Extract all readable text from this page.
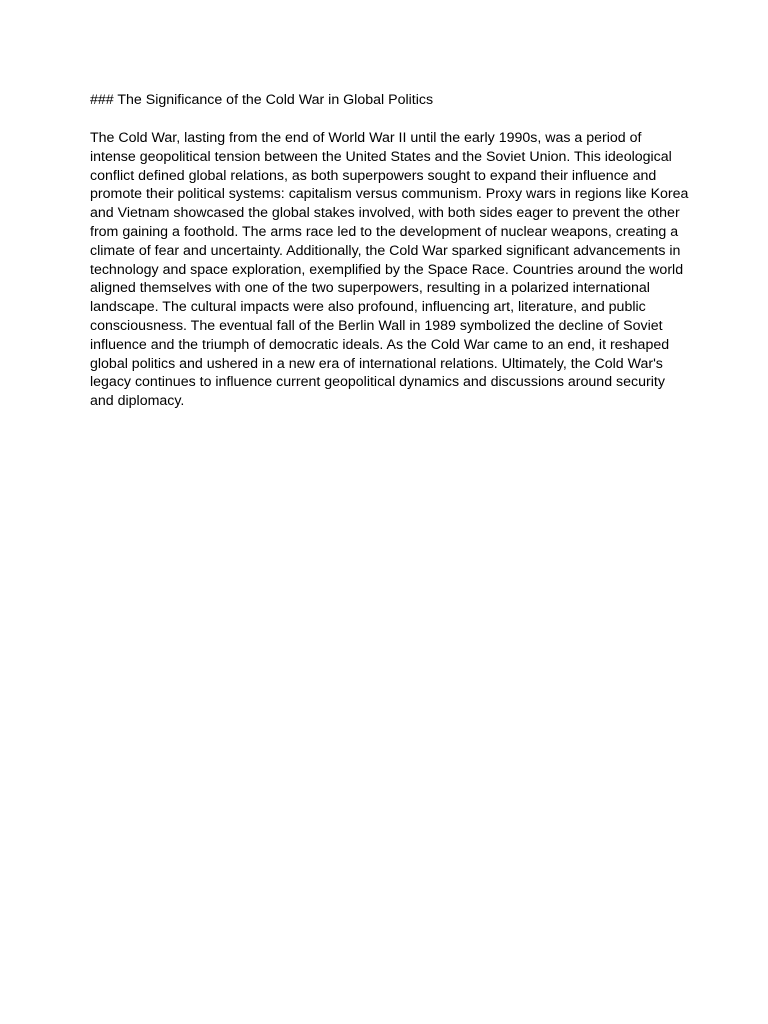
### The Significance of the Cold War in Global Politics

The Cold War, lasting from the end of World War II until the early 1990s, was a period of intense geopolitical tension between the United States and the Soviet Union. This ideological conflict defined global relations, as both superpowers sought to expand their influence and promote their political systems: capitalism versus communism. Proxy wars in regions like Korea and Vietnam showcased the global stakes involved, with both sides eager to prevent the other from gaining a foothold. The arms race led to the development of nuclear weapons, creating a climate of fear and uncertainty. Additionally, the Cold War sparked significant advancements in technology and space exploration, exemplified by the Space Race. Countries around the world aligned themselves with one of the two superpowers, resulting in a polarized international landscape. The cultural impacts were also profound, influencing art, literature, and public consciousness. The eventual fall of the Berlin Wall in 1989 symbolized the decline of Soviet influence and the triumph of democratic ideals. As the Cold War came to an end, it reshaped global politics and ushered in a new era of international relations. Ultimately, the Cold War's legacy continues to influence current geopolitical dynamics and discussions around security and diplomacy.
